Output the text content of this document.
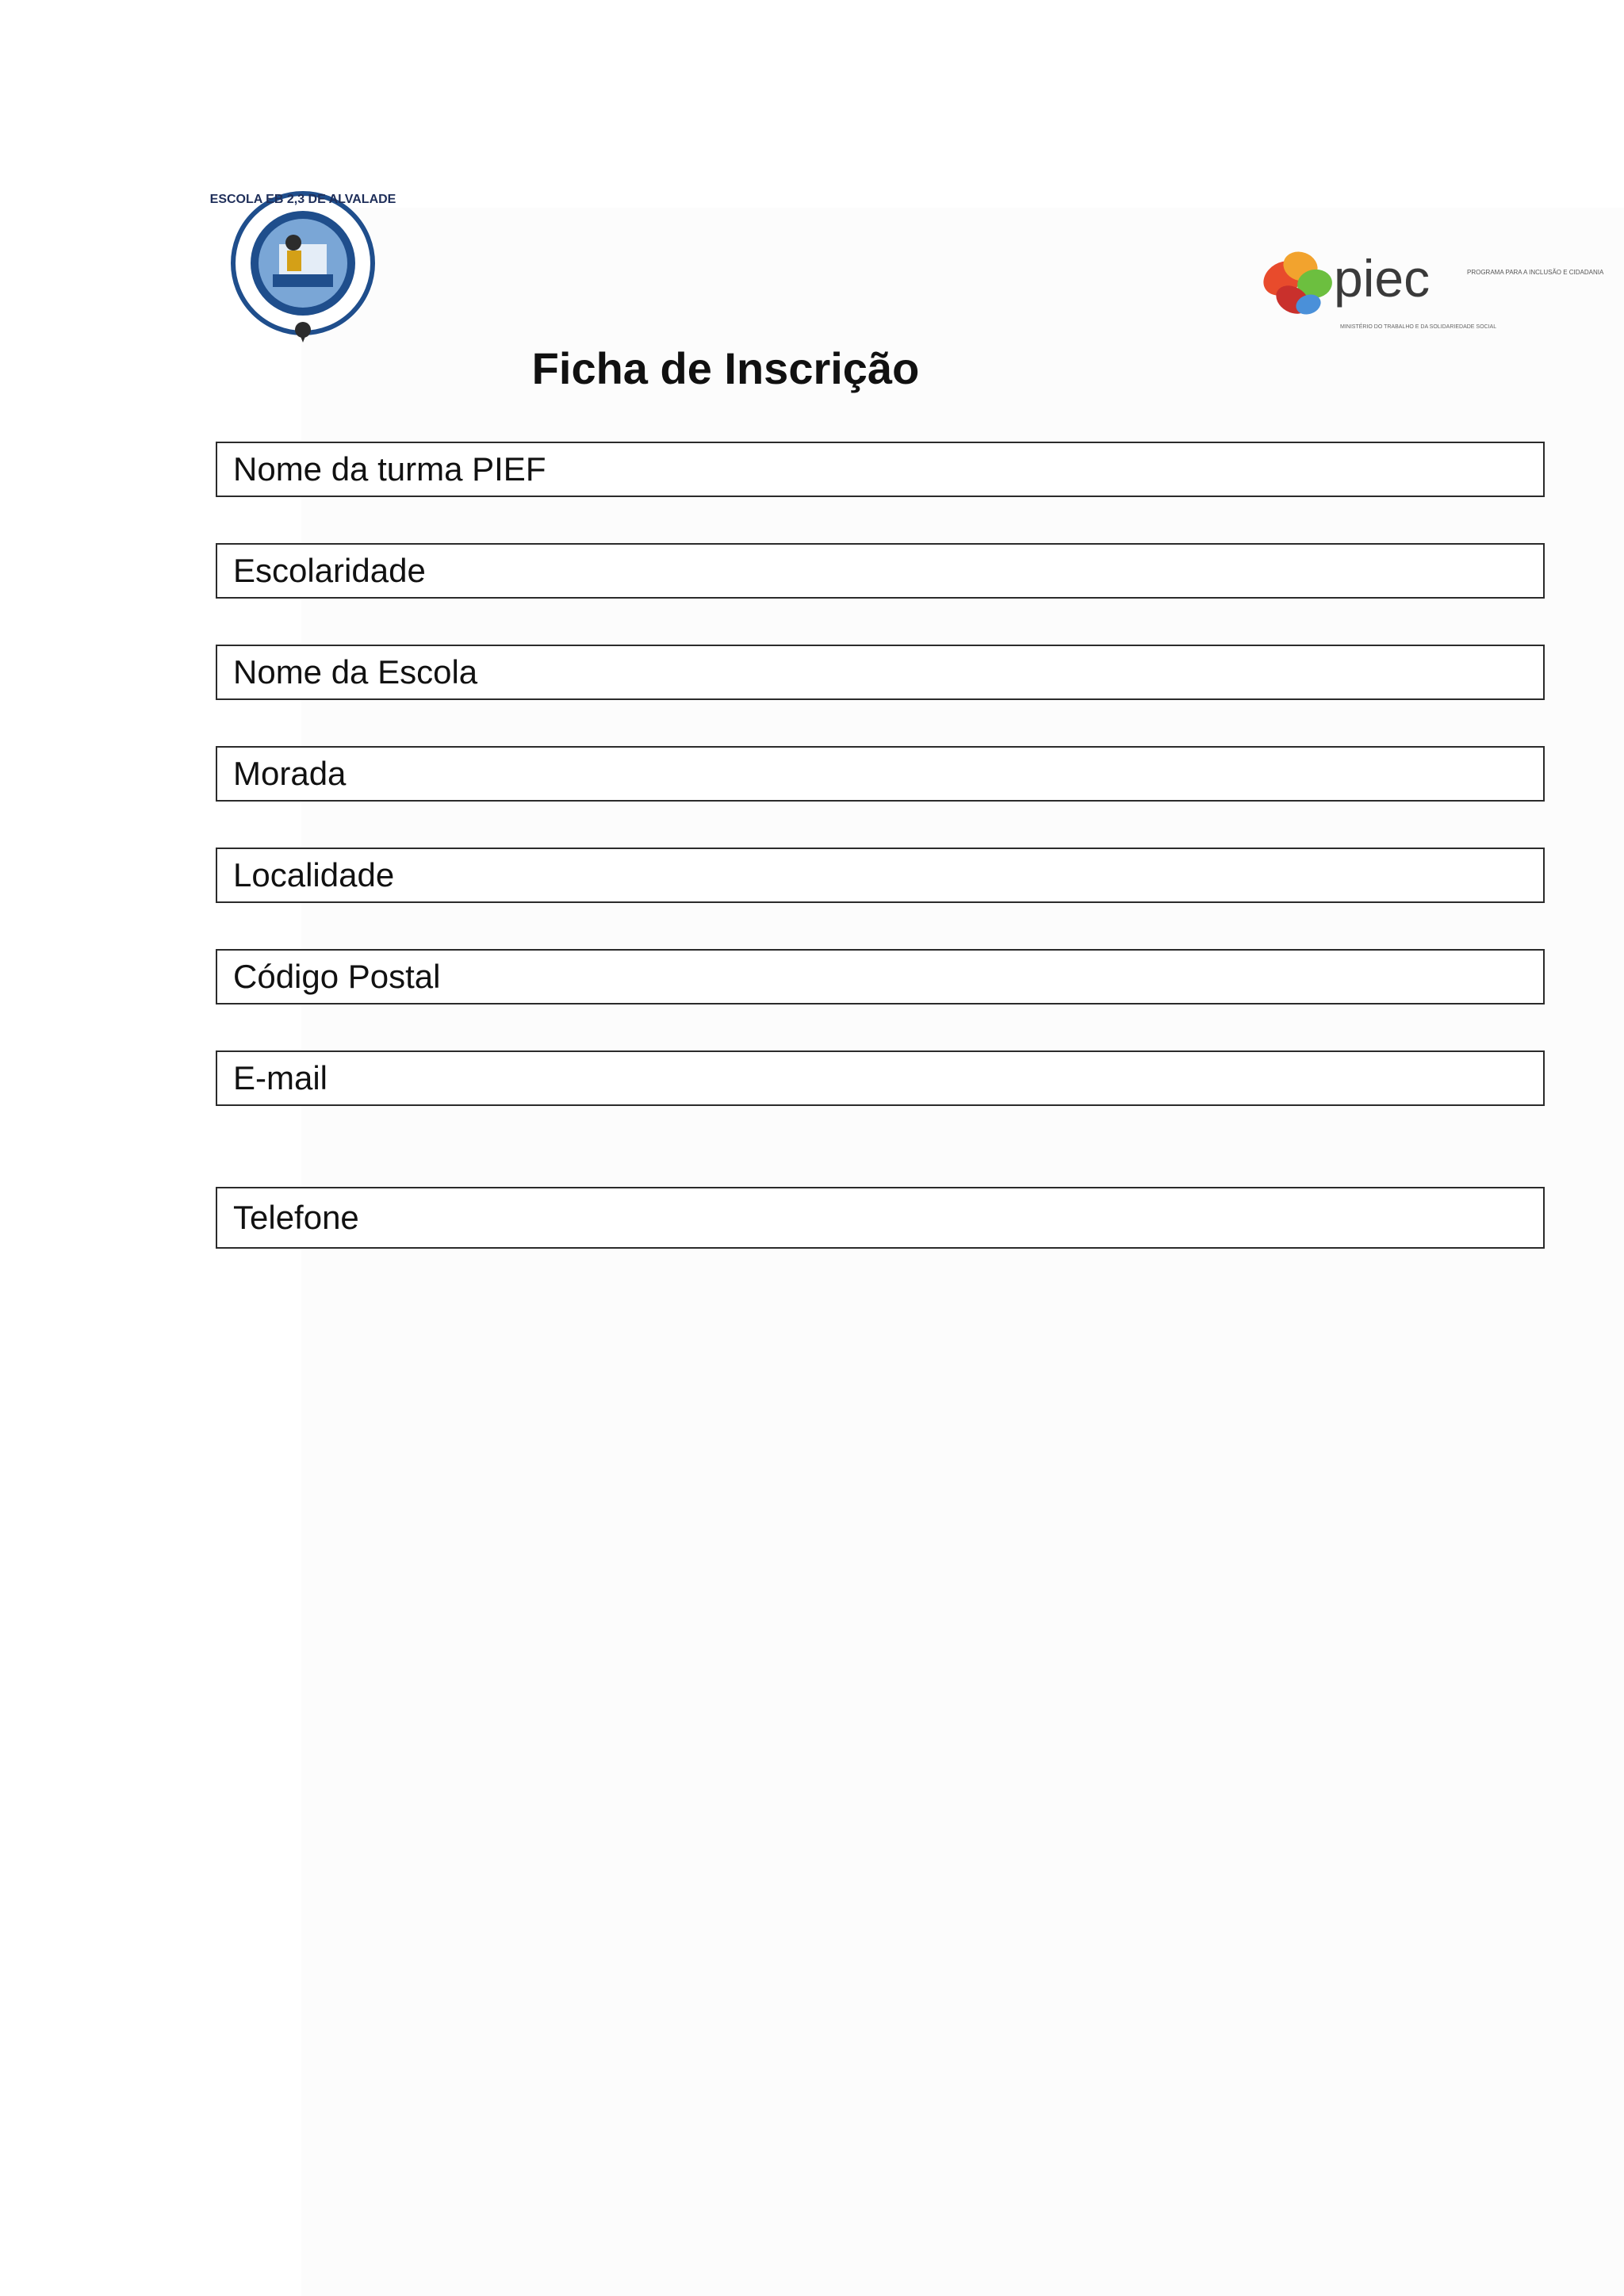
ESCOLA EB 2,3 DE ALVALADE
piec	PROGRAMA PARA A INCLUSÃO E CIDADANIA
MINISTÉRIO DO TRABALHO E DA SOLIDARIEDADE SOCIAL
Ficha de Inscrição
Nome da turma PIEF
Escolaridade
Nome da Escola
Morada
Localidade
Código Postal
E-mail
Telefone
